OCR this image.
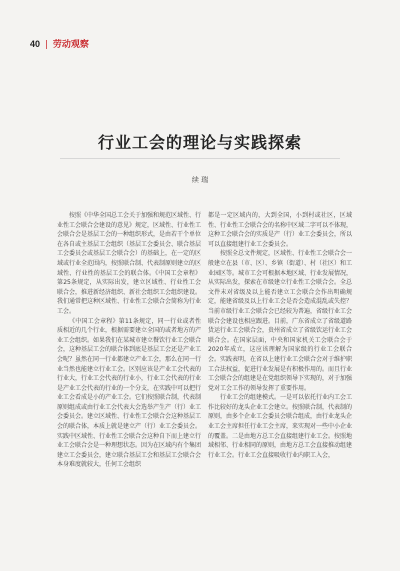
40 | 劳动观察
行业工会的理论与实践探索
续 瑞

按照《中华全国总工会关于加强和规范区域性、行业性工会联合会建设的意见》规定，区域性、行业性工会联合会是基层工会的一种组织形式，是由若干个单位在各自或主基层工会组织（基层工会委员会、联合基层工会委员会或基层工会联合会）的基础上，在一定的区域或行业全范围内，按照联合制、代表制原则建立的区域性、行业性的基层工会的联合体。《中国工会章程》第25条规定，从实际出发，建立区域性、行业性工会联合会，推进新经济组织、新社会组织工会组织建设。我们通常把这种区域性、行业性工会联合会简称为行业工会。

《中国工会章程》第11条规定，同一行业或者性质相近的几个行业，根据需要建立全国的或者地方的产业工会组织。如果我们在某城市建立餐饮行业工会联合会，这种基层工会的联合体到底是基层工会还是产业工会呢？虽然在同一行业都建立产业工会，那么在同一行业当然也能建立行业工会。区别应该是产业工会代表的行业大，行业工会代表的行业小，行业工会代表的行业是产业工会代表的行业的一个分支，在实践中可以把行业工会看成是小的产业工会。它们按照联合制，代表制原则组成或由行业工会代表大会选举产生产（行）业工会委员会。建立区域性、行业性工会联合会这种基层工会的联合体，本质上就是建立产（行）业工会委员会。实践中区域性、行业性工会联合会这种自下而上建立行业工会联合会是一种理想状态。因为在区域内有个集团建立工会委员会，建立联合基层工会和基层工会联合会本身难度就较大，任何工会组织

都是一定区域内的，大到全国，小到村或社区，区域性、行业性工会联合会的名称中区域二字可以不体现，这种工会联合会的实质是产（行）业工会委员会，所以可以直接组建行业工会委员会。

按照全总文件规定，区域性、行业性工会联合会一般建立在县（市、区）、乡镇（街道）、村（社区）和工业园区等。城市工会可根据本地区域、行业发展情况，从实际出发，探索在市级建立行业性工会联合会。全总文件未对省级及以上能否建立工会联合会作出明确规定，能建省级及以上行业工会是否会造成混乱或失控？当前市级行业工会联合会已经较为普遍，省级行业工会联合会建设也相应跟进。目前，广东省成立了省级道路货运行业工会联合会，贵州省成立了省级饮运行业工会联合会。在国家层面，中央和国家机关工会联合会于2020年成立，这应该理解为国家级的行业工会联合会。实践表明，在省以上建行业工会联合会对于维护职工合法权益，促进行业发展是有积极作用的。而且行业工会联合会的组建是在党组织领导下实现的，对于加强党对工会工作的领导发挥了重要作用。

行业工会的组建模式。一是可以依托行业内工会工作比较好的龙头企业工会建立。按照联合制，代表制的原则，由多个企业工会委员会联合组成，由行业龙头企业工会主席担任行业工会主席，来实现对一些中小企业的覆盖。二是由地方总工会直接组建行业工会。按照地域相邻、行业相同的原则，由地方总工会直接推动组建行业工会。行业工会直接吸收行业内职工入会，
